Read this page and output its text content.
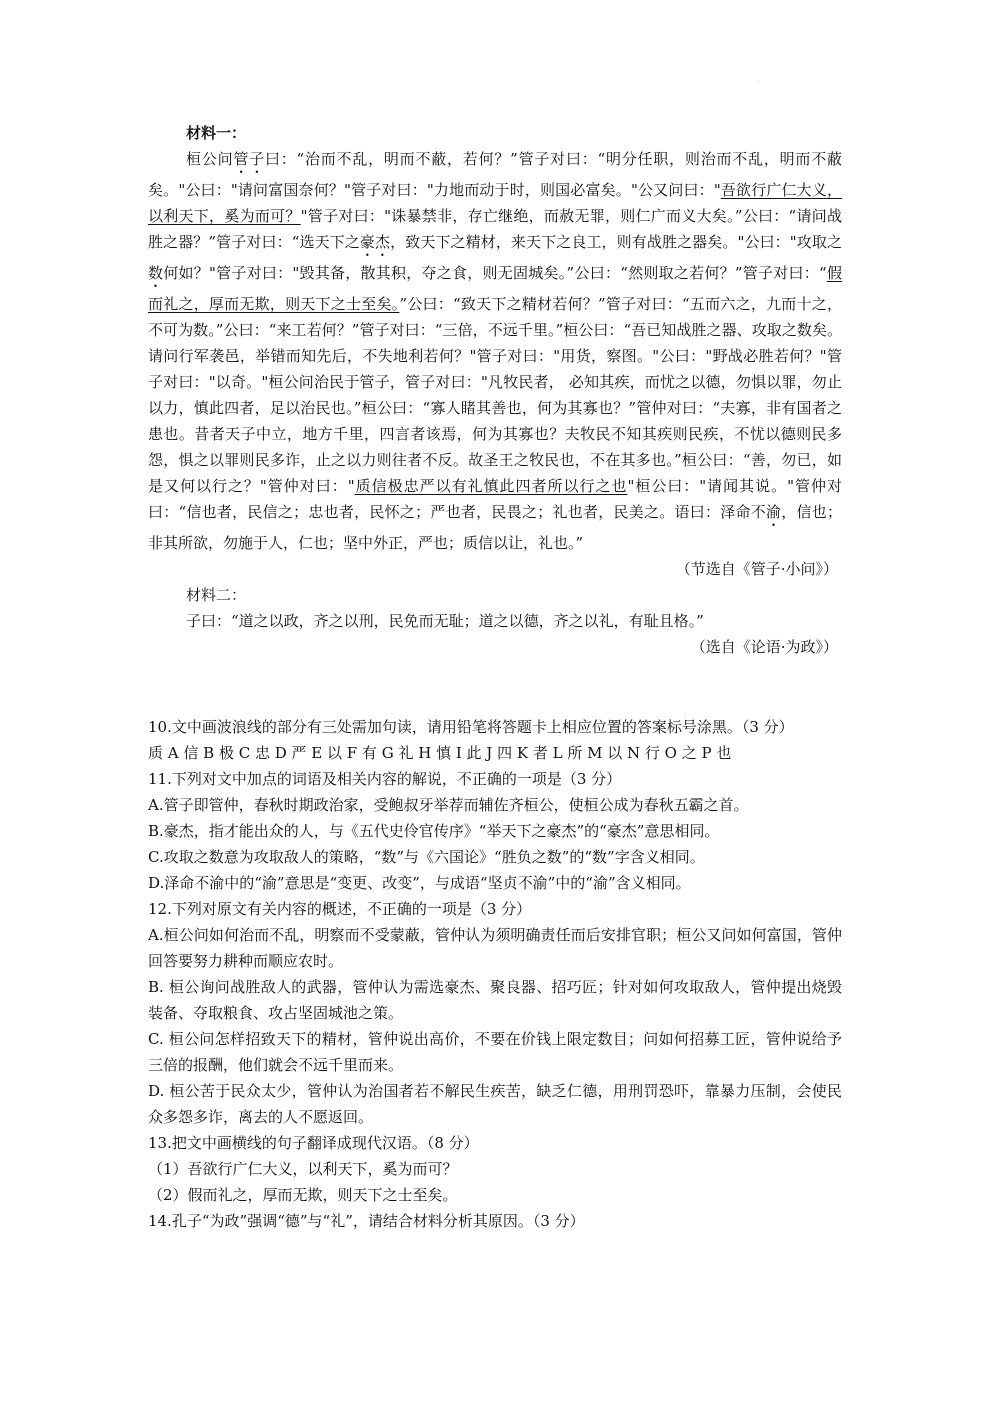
·

材料一：

桓公问管子曰：“治而不乱，明而不蔽，若何？”管子对曰：“明分任职，则治而不乱，明而不蔽矣。"公曰："请问富国奈何？"管子对曰："力地而动于时，则国必富矣。"公又问曰："吾欲行广仁大义，以利天下，奚为而可？"管子对曰："诛暴禁非，存亡继绝，而赦无罪，则仁广而义大矣。”公曰：“请问战胜之器？”管子对曰：“选天下之豪杰，致天下之精材，来天下之良工，则有战胜之器矣。"公曰："攻取之数何如？"管子对曰："毁其备，散其积，夺之食，则无固城矣。”公曰：“然则取之若何？”管子对曰：“假而礼之，厚而无欺，则天下之士至矣。”公曰：“致天下之精材若何？”管子对曰：“五而六之，九而十之，不可为数。”公曰：“来工若何？”管子对曰：“三倍，不远千里。”桓公曰：“吾已知战胜之器、攻取之数矣。请问行军袭邑，举错而知先后，不失地利若何？"管子对曰："用货，察图。"公曰："野战必胜若何？"管子对曰："以奇。"桓公问治民于管子，管子对曰："凡牧民者， 必知其疾，而忧之以德，勿惧以罪，勿止以力，慎此四者，足以治民也。”桓公曰：“寡人睹其善也，何为其寡也？”管仲对曰：“夫寡，非有国者之患也。昔者天子中立，地方千里，四言者该焉，何为其寡也？夫牧民不知其疾则民疾，不忧以德则民多怨，惧之以罪则民多诈，止之以力则往者不反。故圣王之牧民也，不在其多也。”桓公曰：“善，勿已，如是又何以行之？"管仲对曰："质信极忠严以有礼慎此四者所以行之也"桓公曰："请闻其说。"管仲对曰：“信也者，民信之；忠也者，民怀之；严也者，民畏之；礼也者，民美之。语曰：泽命不渝，信也；非其所欲，勿施于人，仁也；坚中外正，严也；质信以让，礼也。”

（节选自《管子·小问》）

材料二：

子曰：“道之以政，齐之以刑，民免而无耻；道之以德，齐之以礼，有耻且格。”

（选自《论语·为政》）

10.文中画波浪线的部分有三处需加句读，请用铅笔将答题卡上相应位置的答案标号涂黑。（3 分）

质 A 信 B 极 C 忠 D 严 E 以 F 有 G 礼 H 慎 I 此 J 四 K 者 L 所 M 以 N 行 O 之 P 也

11.下列对文中加点的词语及相关内容的解说，不正确的一项是（3 分）

A.管子即管仲，春秋时期政治家，受鲍叔牙举荐而辅佐齐桓公，使桓公成为春秋五霸之首。

B.豪杰，指才能出众的人，与《五代史伶官传序》“举天下之豪杰”的“豪杰”意思相同。

C.攻取之数意为攻取敌人的策略，“数”与《六国论》“胜负之数”的“数”字含义相同。

D.泽命不渝中的“渝”意思是“变更、改变”，与成语“坚贞不渝”中的“渝”含义相同。

12.下列对原文有关内容的概述，不正确的一项是（3 分）

A.桓公问如何治而不乱，明察而不受蒙蔽，管仲认为须明确责任而后安排官职；桓公又问如何富国，管仲回答要努力耕种而顺应农时。

B. 桓公询问战胜敌人的武器，管仲认为需选豪杰、聚良器、招巧匠；针对如何攻取敌人，管仲提出烧毁装备、夺取粮食、攻占坚固城池之策。

C. 桓公问怎样招致天下的精材，管仲说出高价，不要在价钱上限定数目；问如何招募工匠，管仲说给予三倍的报酬，他们就会不远千里而来。

D. 桓公苦于民众太少，管仲认为治国者若不解民生疾苦，缺乏仁德，用刑罚恐吓，靠暴力压制，会使民众多怨多诈，离去的人不愿返回。

13.把文中画横线的句子翻译成现代汉语。（8 分）

（1）吾欲行广仁大义，以利天下，奚为而可？

（2）假而礼之，厚而无欺，则天下之士至矣。

14.孔子“为政”强调“德”与“礼”，请结合材料分析其原因。（3 分）
